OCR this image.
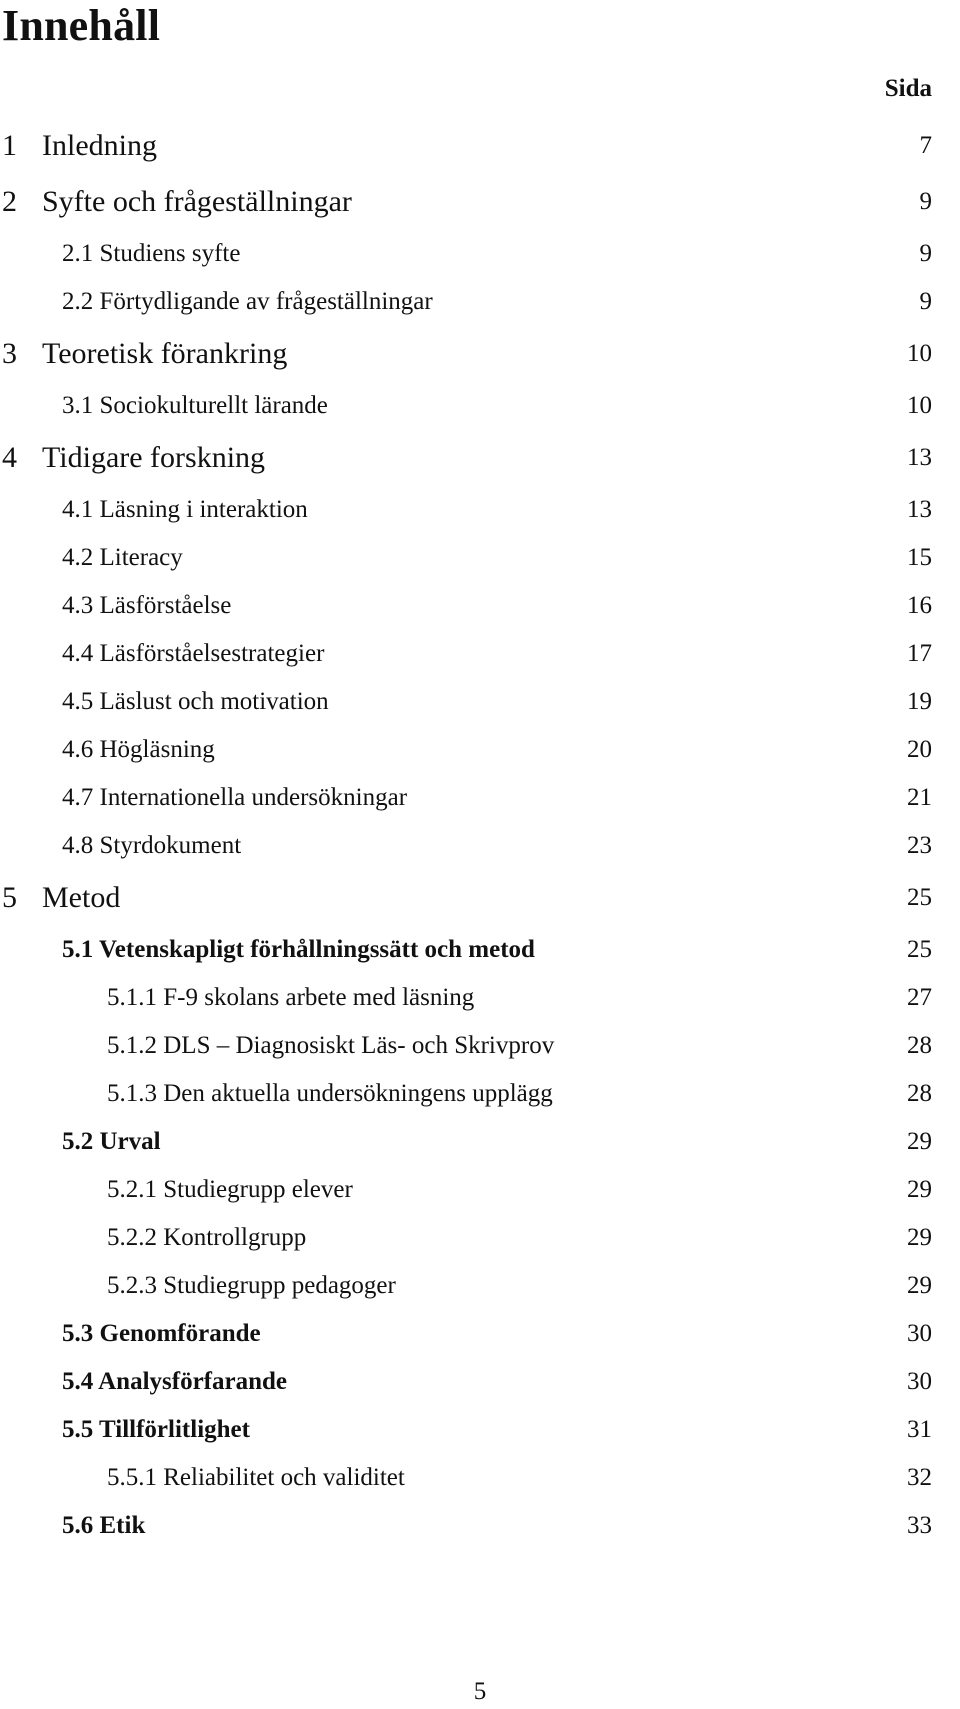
Innehåll
Sida
1 Inledning	7
2 Syfte och frågeställningar	9
2.1 Studiens syfte	9
2.2 Förtydligande av frågeställningar	9
3 Teoretisk förankring	10
3.1 Sociokulturellt lärande	10
4 Tidigare forskning	13
4.1 Läsning i interaktion	13
4.2 Literacy	15
4.3 Läsförståelse	16
4.4 Läsförståelsestrategier	17
4.5 Läslust och motivation	19
4.6 Högläsning	20
4.7 Internationella undersökningar	21
4.8 Styrdokument	23
5 Metod	25
5.1 Vetenskapligt förhållningssätt och metod	25
5.1.1 F-9 skolans arbete med läsning	27
5.1.2 DLS – Diagnosiskt Läs- och Skrivprov	28
5.1.3 Den aktuella undersökningens upplägg	28
5.2 Urval	29
5.2.1 Studiegrupp elever	29
5.2.2 Kontrollgrupp	29
5.2.3 Studiegrupp pedagoger	29
5.3 Genomförande	30
5.4 Analysförfarande	30
5.5 Tillförlitlighet	31
5.5.1 Reliabilitet och validitet	32
5.6 Etik	33
5
